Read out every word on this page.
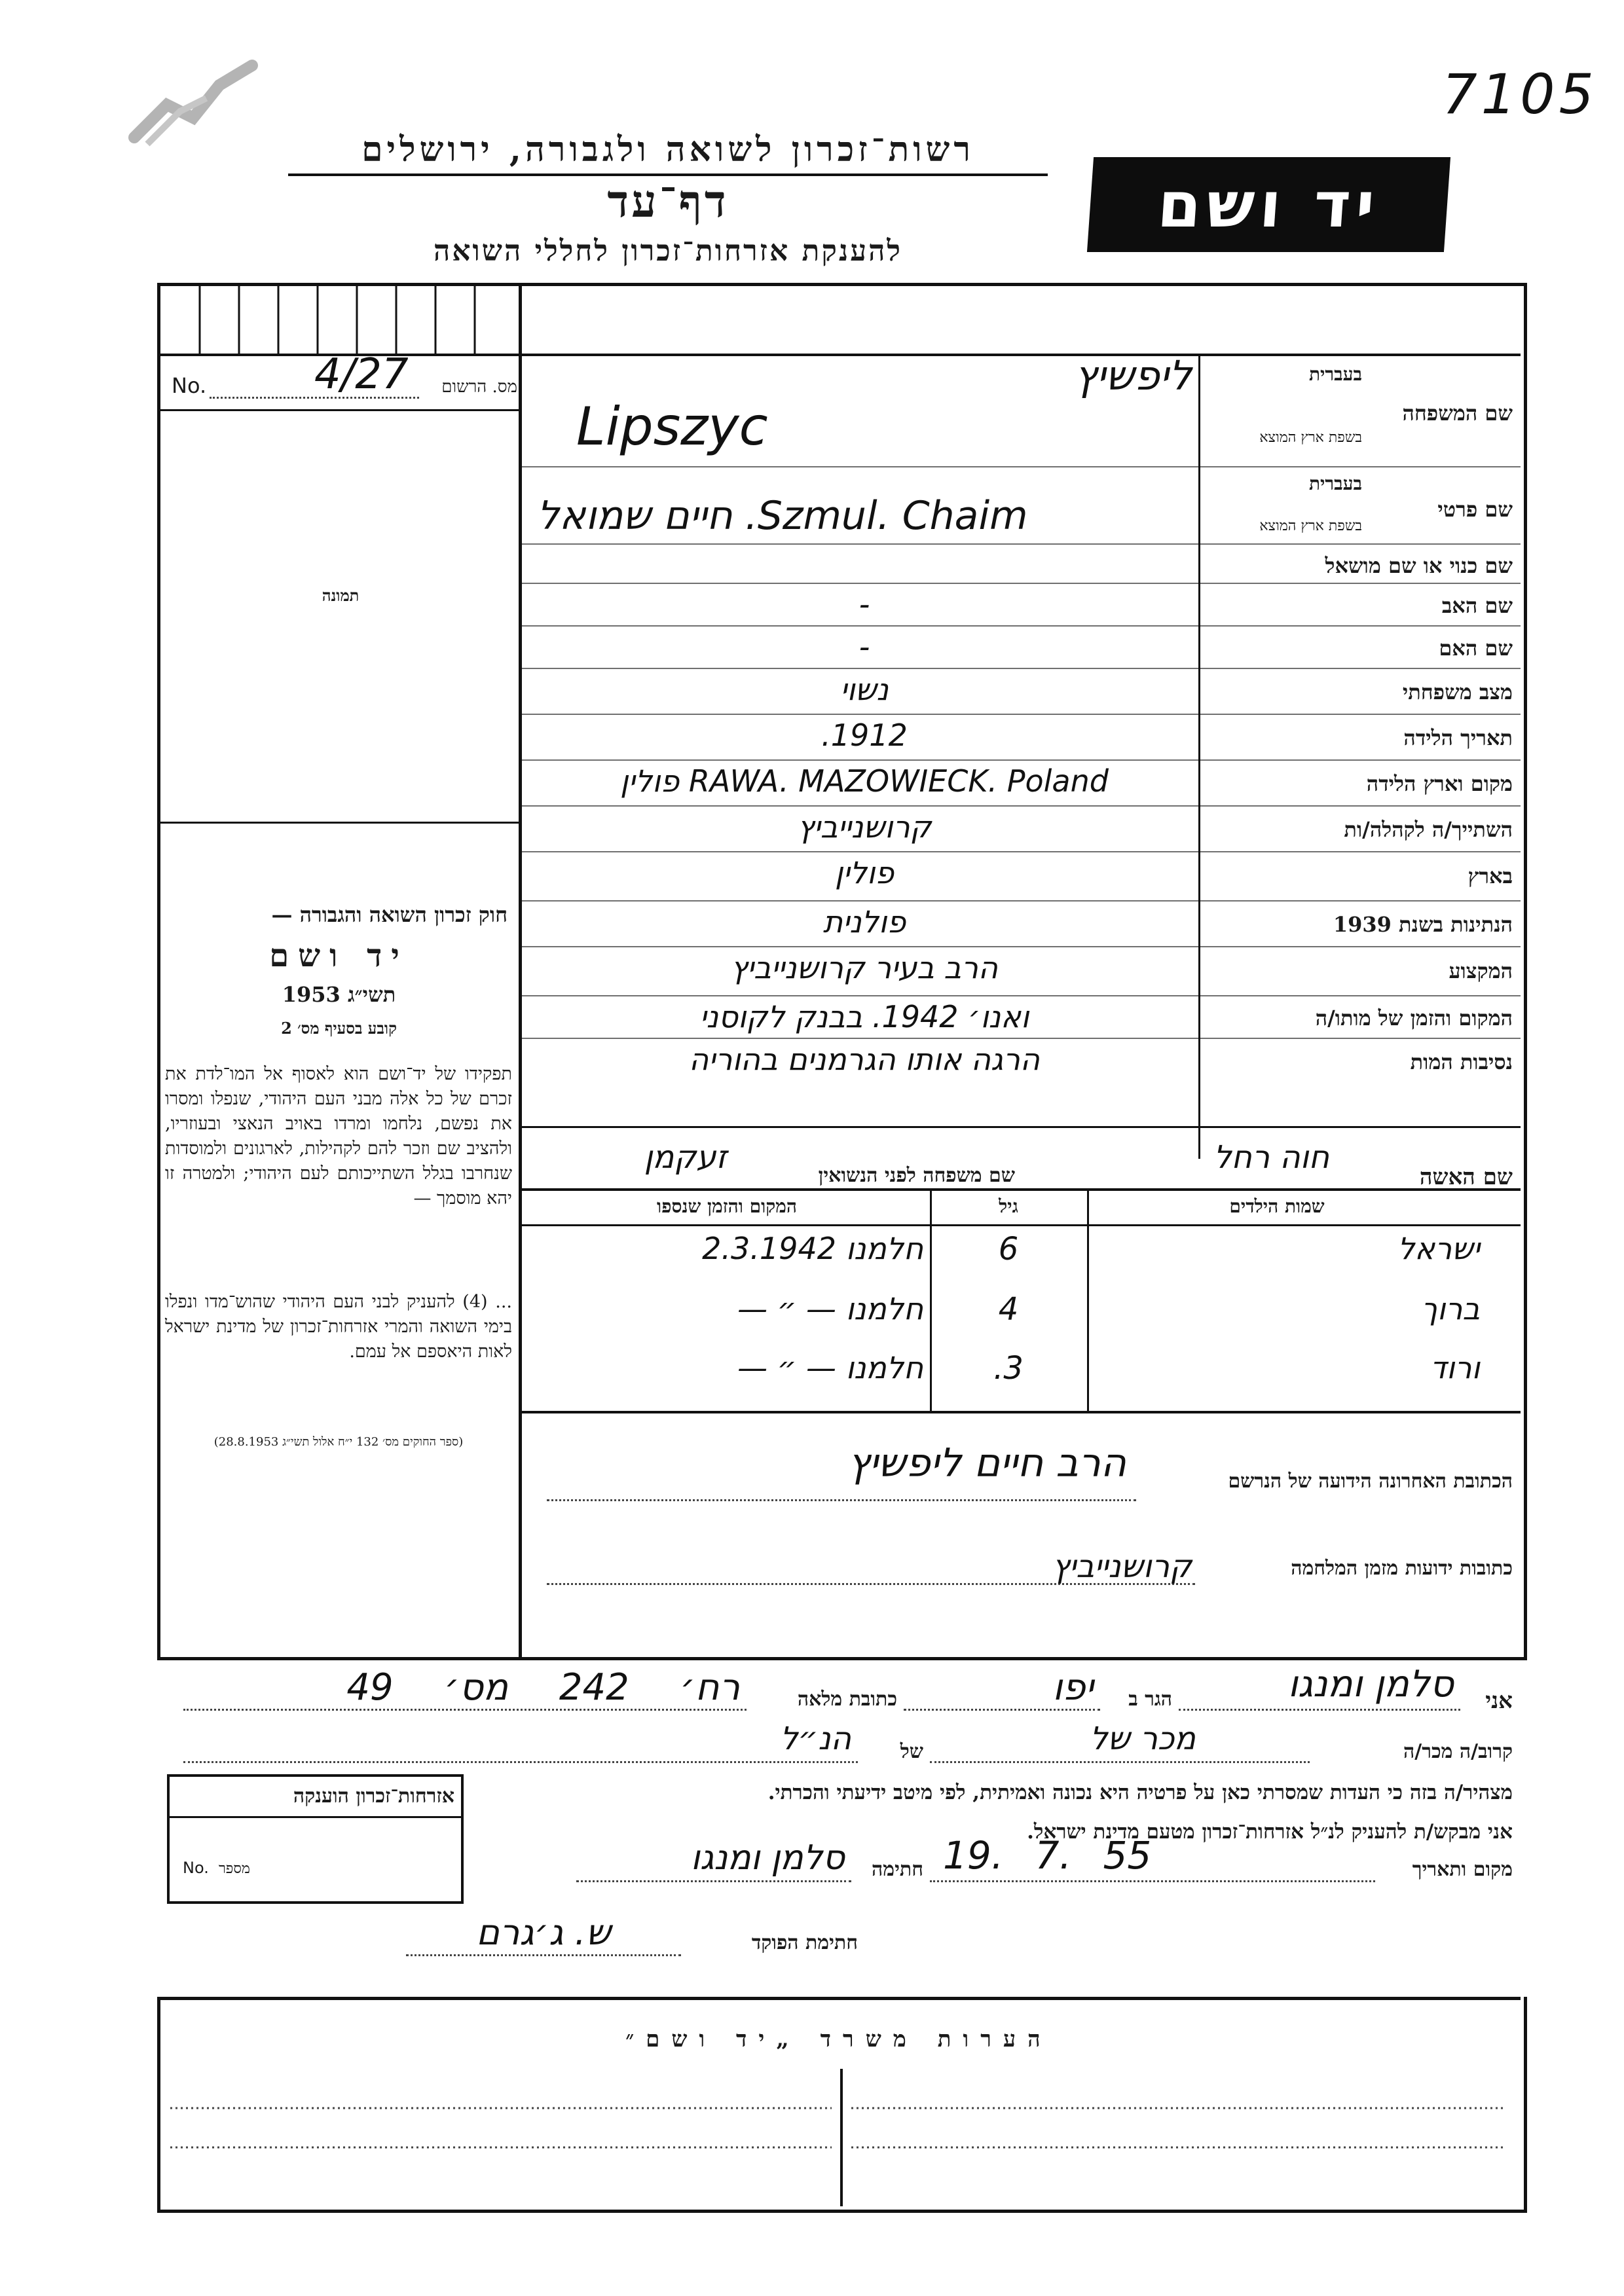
7105
רשות־זכרון לשואה ולגבורה, ירושלים
דף־עד
להענקת אזרחות־זכרון לחללי השואה
יד ושם
No.	4/27	מס. הרשום
תמונה
חוק זכרון השואה והגבורה —
יד ושם
תשי״ג 1953
קובע בסעיף מס׳ 2
תפקידו של יד־ושם הוא לאסוף אל המו־לדת את זכרם של כל אלה מבני העם היהודי, שנפלו ומסרו את נפשם, נלחמו ומרדו באויב הנאצי ובעוזריו, ולהציב שם וזכר להם לקהילות, לארגונים ולמוסדות שנחרבו בגלל השתייכותם לעם היהודי; ולמטרה זו יהא מוסמך —
... (4) להעניק לבני העם היהודי שהוש־מדו ונפלו בימי השואה והמרי אזרחות־זכרון של מדינת ישראל לאות היאספם אל עמם.
(ספר החוקים מס׳ 132 י״ח אלול תשי״ג 28.8.1953)
שם המשפחה
בעברית
בשפת ארץ המוצא
ליפשיץ
Lipszyc
שם פרטי
בעברית
בשפת ארץ המוצא
Szmul. Chaim. חיים שמואל
שם כנוי או שם מושאל
שם האב
-
שם האם
-
מצב משפחתי
נשוי
תאריך הלידה
1912.
מקום וארץ הלידה
RAWA. MAZOWIECK. Poland פולין
השתייך/ה לקהלה/ות
קרושנייביץ
בארץ
פולין
הנתינות בשנת 1939
פולנית
המקצוע
הרב בעיר קרושנייביץ
המקום והזמן של מותו/ה
ואנו׳ 1942. בבנק לקוסני
נסיבות המות
הרגה אותו הגרמנים בהוריה
שם האשה
חוה רחל
שם משפחה לפני הנשואין
זעקמן
שמות הילדים
גיל
המקום והזמן שנספו
ישראל
6
חלמנו 2.3.1942
ברוך
4
חלמנו — ״ —
ורוד
3.
חלמנו — ״ —
הכתובת האחרונה הידועה של הנרשם
הרב חיים ליפשיץ
כתובות ידועות מזמן המלחמה
קרושנייביץ
אני
סלמן ומנגו
הגר ב
יפו
כתובת מלאה
רח׳ 242 מס׳ 49
קרוב/ה מכר/ה
מכר של
של
הנ״ל
מצהיר/ה בזה כי העדות שמסרתי כאן על פרטיה היא נכונה ואמיתית, לפי מיטב ידיעתי והכרתי.
אני מבקש/ת להעניק לנ״ל אזרחות־זכרון מטעם מדינת ישראל.
מקום ותאריך
19. 7. 55
חתימה
סלמן ומנגו
חתימת הפוקד
ש. ג׳גרם
אזרחות־זכרון הוענקה
No. מספר
הערות משרד „יד ושם״
